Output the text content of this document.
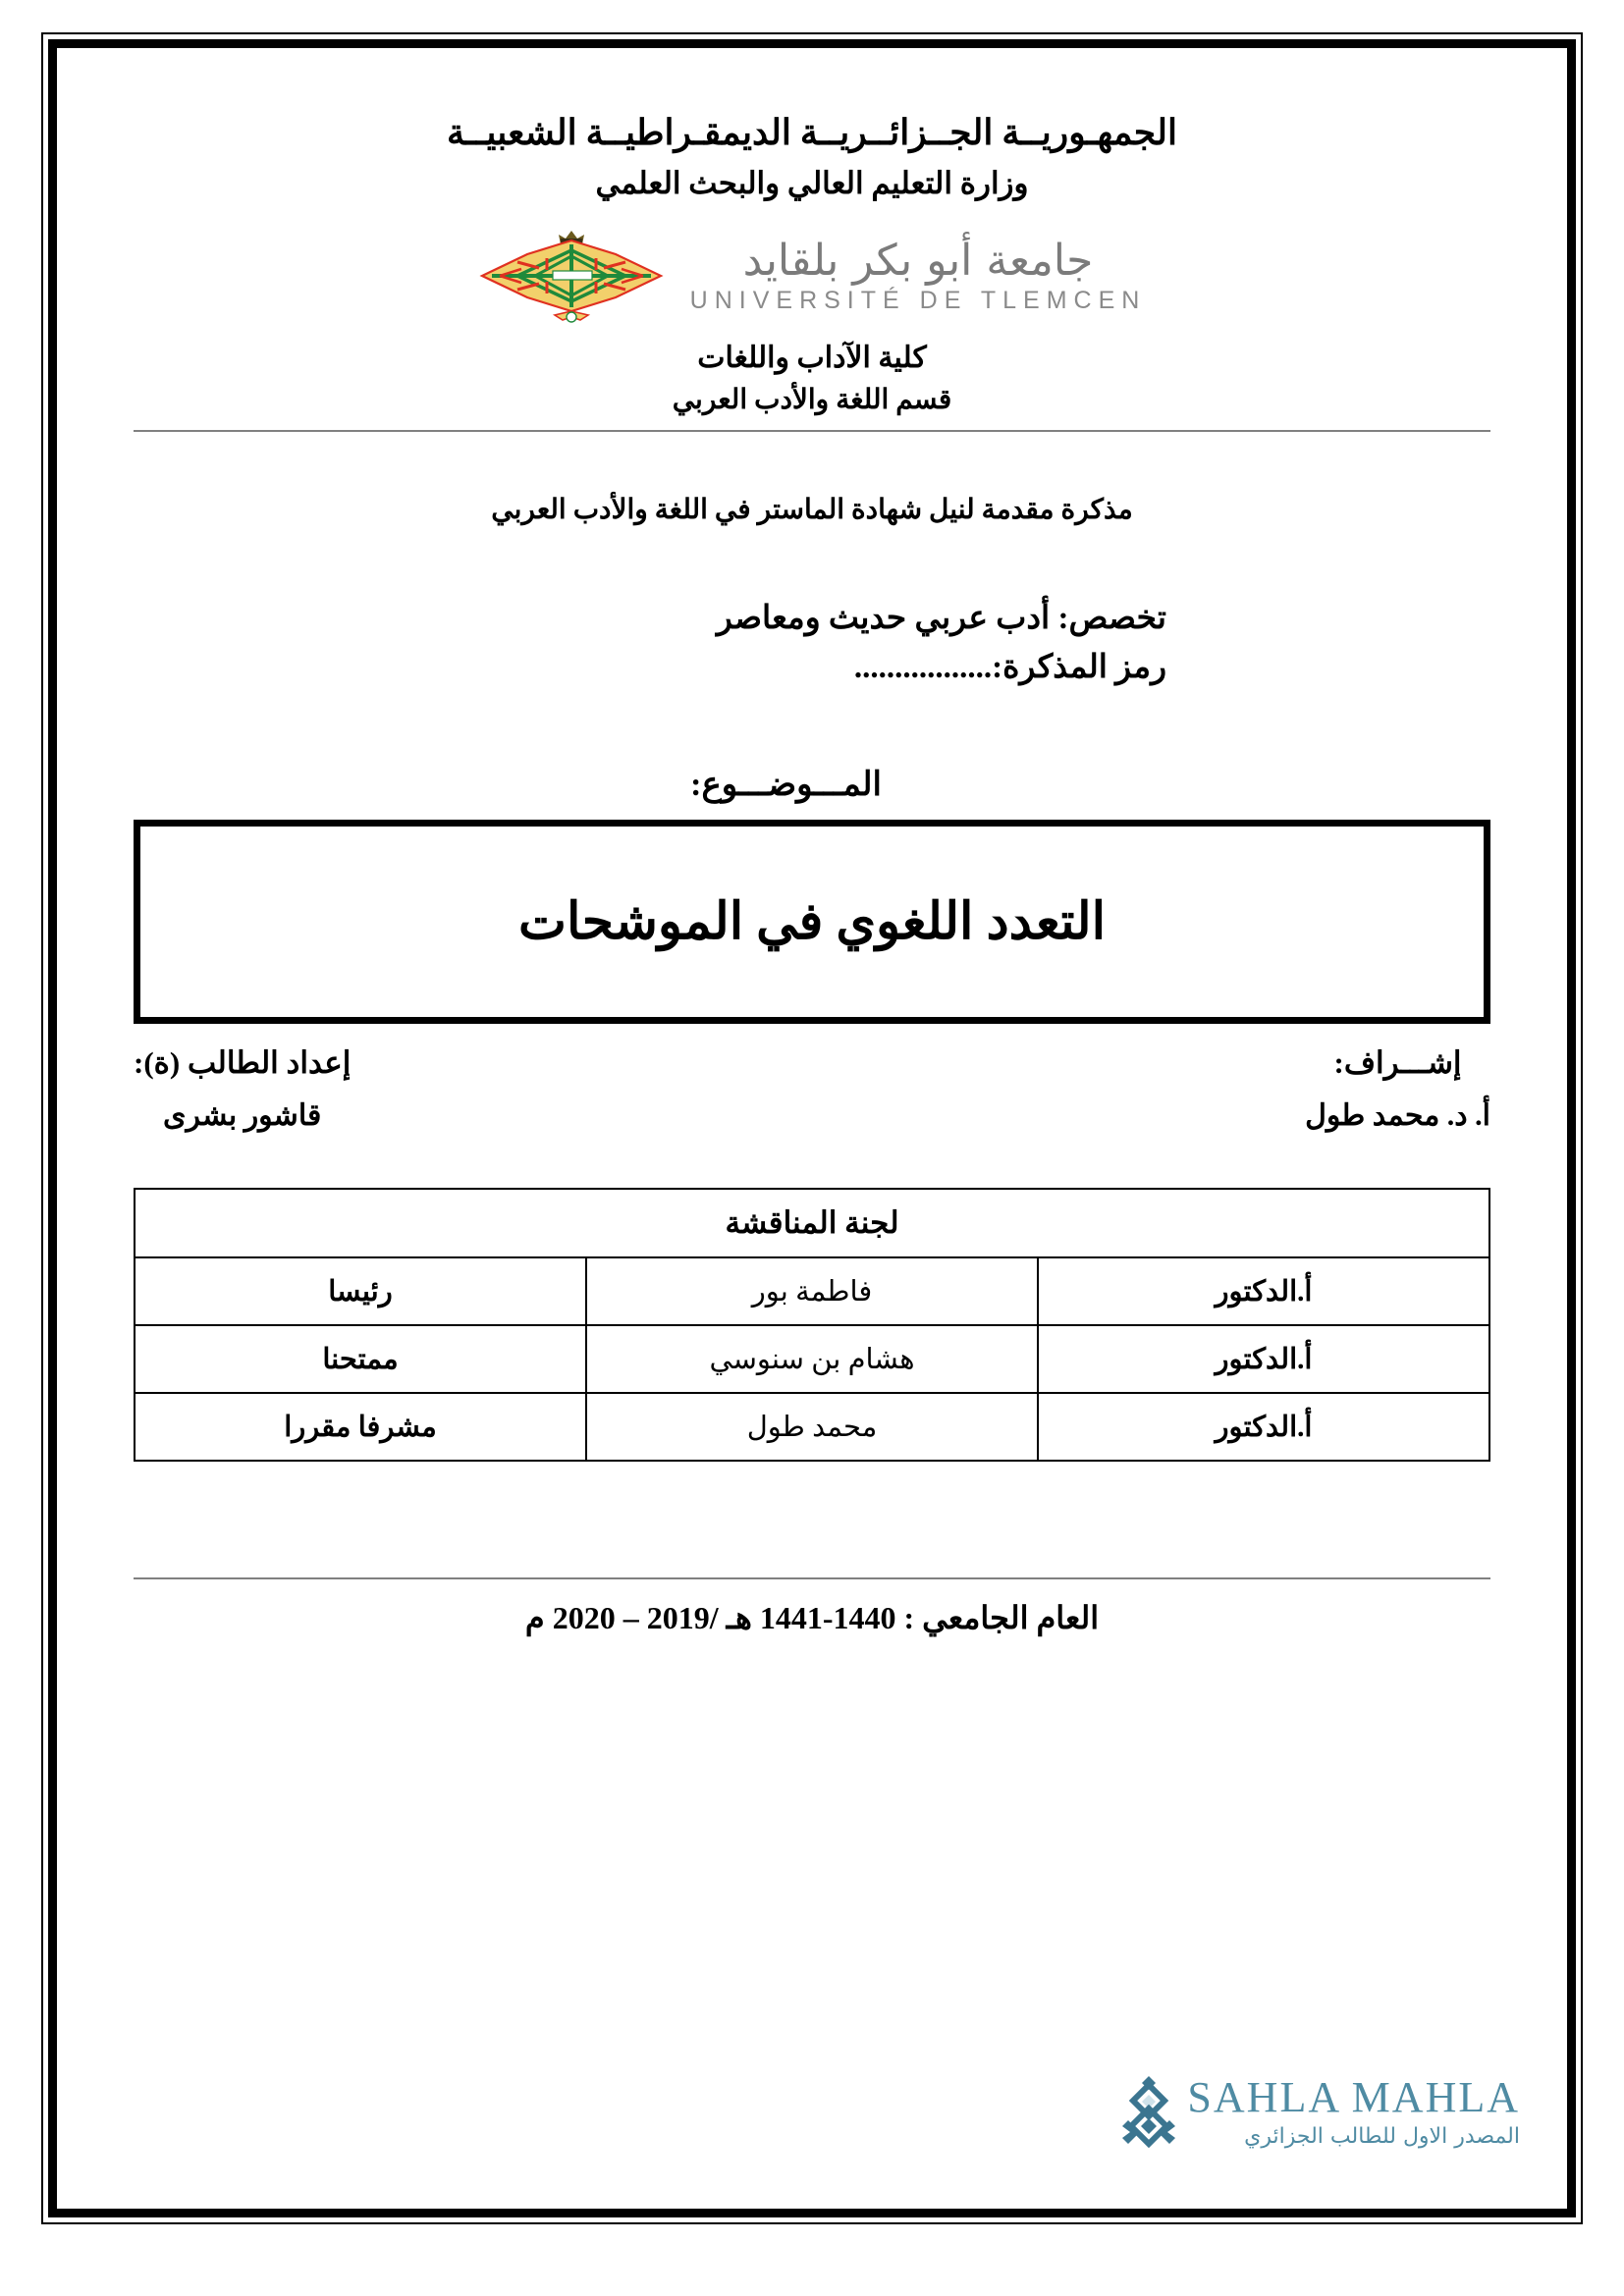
الجمهـوريــة الجــزائــريــة الديمقـراطيــة الشعبيــة
وزارة التعليم العالي والبحث العلمي
جامعة أبو بكر بلقايد
UNIVERSITÉ DE TLEMCEN
كلية الآداب واللغات
قسم اللغة والأدب العربي
مذكرة مقدمة لنيل شهادة الماستر في اللغة والأدب العربي
تخصص: أدب عربي حديث ومعاصر
رمز المذكرة:.................
المـــوضـــوع:
التعدد اللغوي في الموشحات
إشـــراف:
أ. د. محمد طول
إعداد الطالب (ة):
قاشور بشرى
لجنة المناقشة		
أ.الدكتور	فاطمة بور	رئيسا
أ.الدكتور	هشام بن سنوسي	ممتحنا
أ.الدكتور	محمد طول	مشرفا مقررا
العام الجامعي : 1440-1441 هـ /2019 – 2020 م
SAHLA MAHLA
المصدر الاول للطالب الجزائري
